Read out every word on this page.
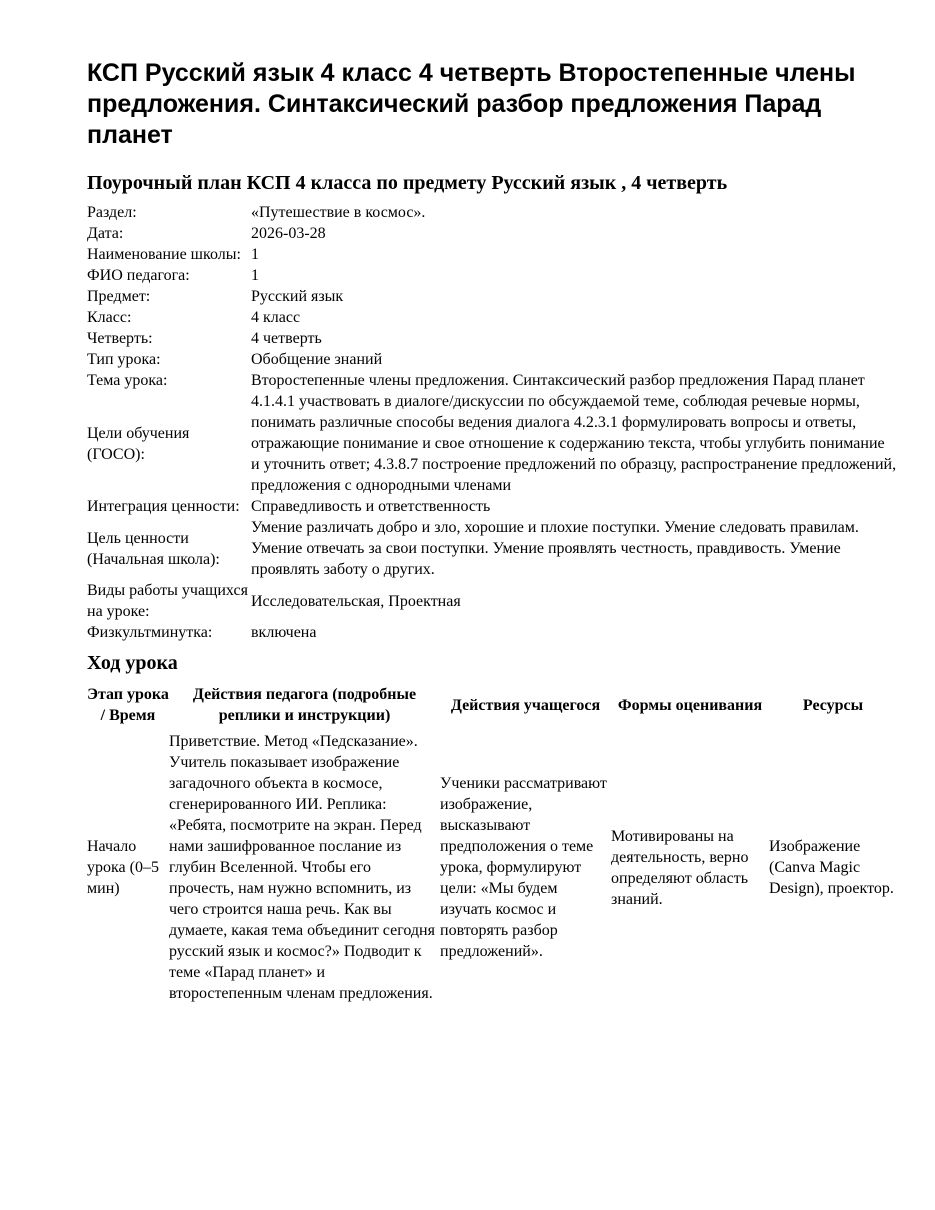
КСП Русский язык 4 класс 4 четверть Второстепенные члены предложения. Синтаксический разбор предложения Парад планет
Поурочный план КСП 4 класса по предмету Русский язык , 4 четверть
Раздел:	«Путешествие в космос».
Дата:	2026-03-28
Наименование школы:	1
ФИО педагога:	1
Предмет:	Русский язык
Класс:	4 класс
Четверть:	4 четверть
Тип урока:	Обобщение знаний
Тема урока:	Второстепенные члены предложения. Синтаксический разбор предложения Парад планет
Цели обучения (ГОСО):	4.1.4.1 участвовать в диалоге/дискуссии по обсуждаемой теме, соблюдая речевые нормы, понимать различные способы ведения диалога 4.2.3.1 формулировать вопросы и ответы, отражающие понимание и свое отношение к содержанию текста, чтобы углубить понимание и уточнить ответ; 4.3.8.7 построение предложений по образцу, распространение предложений, предложения с однородными членами
Интеграция ценности:	Справедливость и ответственность
Цель ценности (Начальная школа):	Умение различать добро и зло, хорошие и плохие поступки. Умение следовать правилам. Умение отвечать за свои поступки. Умение проявлять честность, правдивость. Умение проявлять заботу о других.
Виды работы учащихся на уроке:	Исследовательская, Проектная
Физкультминутка:	включена
Ход урока
Этап урока / Время	Действия педагога (подробные реплики и инструкции)	Действия учащегося	Формы оценивания	Ресурсы
Начало урока (0–5 мин)	Приветствие. Метод «Педсказание». Учитель показывает изображение загадочного объекта в космосе, сгенерированного ИИ. Реплика: «Ребята, посмотрите на экран. Перед нами зашифрованное послание из глубин Вселенной. Чтобы его прочесть, нам нужно вспомнить, из чего строится наша речь. Как вы думаете, какая тема объединит сегодня русский язык и космос?» Подводит к теме «Парад планет» и второстепенным членам предложения.	Ученики рассматривают изображение, высказывают предположения о теме урока, формулируют цели: «Мы будем изучать космос и повторять разбор предложений».	Мотивированы на деятельность, верно определяют область знаний.	Изображение (Canva Magic Design), проектор.
